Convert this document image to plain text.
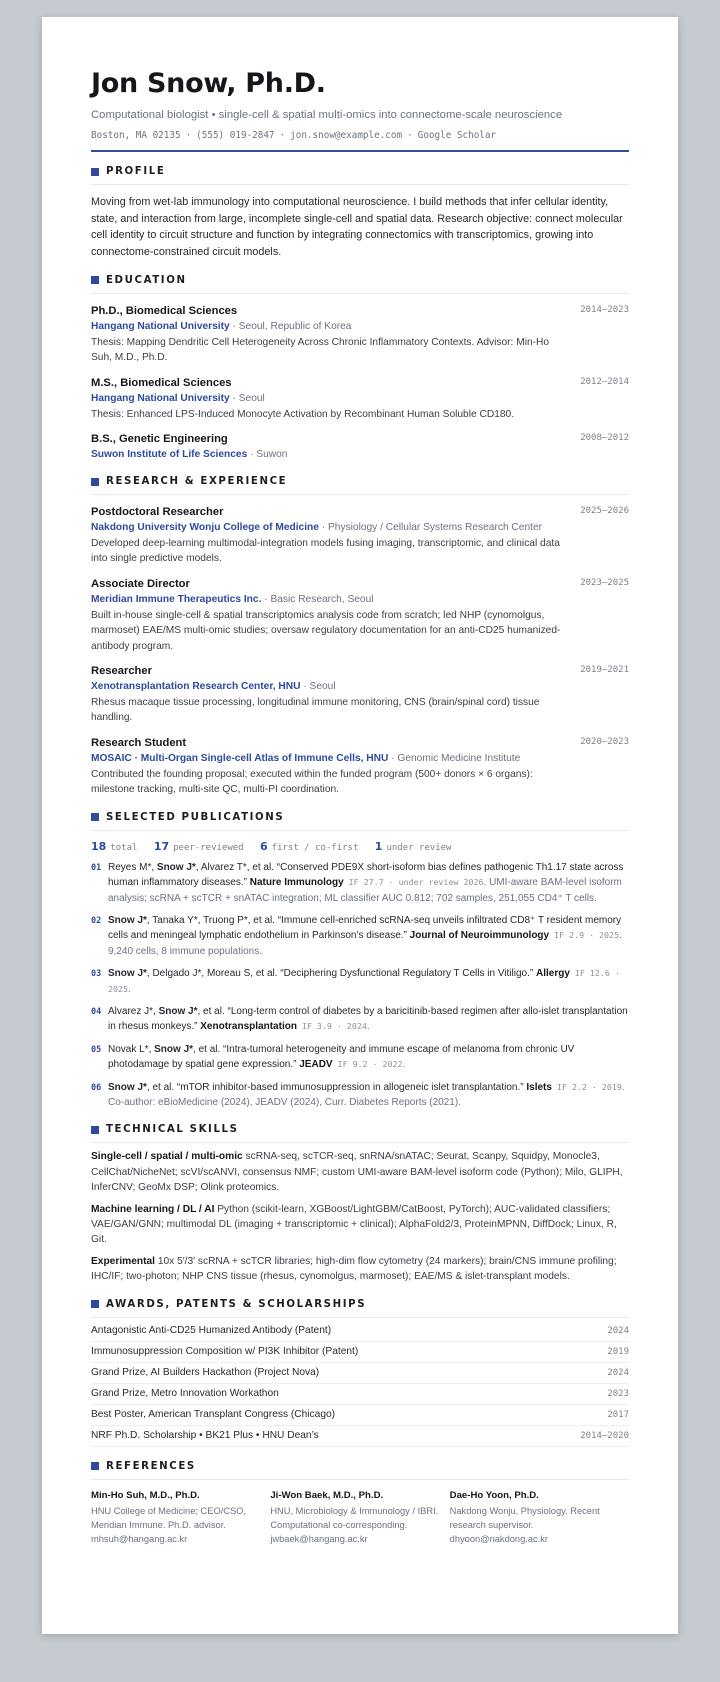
Jon Snow, Ph.D.
Computational biologist • single-cell & spatial multi-omics into connectome-scale neuroscience
Boston, MA 02135 · (555) 019-2847 · jon.snow@example.com · Google Scholar
PROFILE
Moving from wet-lab immunology into computational neuroscience. I build methods that infer cellular identity, state, and interaction from large, incomplete single-cell and spatial data. Research objective: connect molecular cell identity to circuit structure and function by integrating connectomics with transcriptomics, growing into connectome-constrained circuit models.
EDUCATION
Ph.D., Biomedical Sciences	2014–2023
Hangang National University · Seoul, Republic of Korea
Thesis: Mapping Dendritic Cell Heterogeneity Across Chronic Inflammatory Contexts. Advisor: Min-Ho Suh, M.D., Ph.D.
M.S., Biomedical Sciences	2012–2014
Hangang National University · Seoul
Thesis: Enhanced LPS-Induced Monocyte Activation by Recombinant Human Soluble CD180.
B.S., Genetic Engineering	2008–2012
Suwon Institute of Life Sciences · Suwon
RESEARCH & EXPERIENCE
Postdoctoral Researcher	2025–2026
Nakdong University Wonju College of Medicine · Physiology / Cellular Systems Research Center
Developed deep-learning multimodal-integration models fusing imaging, transcriptomic, and clinical data into single predictive models.
Associate Director	2023–2025
Meridian Immune Therapeutics Inc. · Basic Research, Seoul
Built in-house single-cell & spatial transcriptomics analysis code from scratch; led NHP (cynomolgus, marmoset) EAE/MS multi-omic studies; oversaw regulatory documentation for an anti-CD25 humanized-antibody program.
Researcher	2019–2021
Xenotransplantation Research Center, HNU · Seoul
Rhesus macaque tissue processing, longitudinal immune monitoring, CNS (brain/spinal cord) tissue handling.
Research Student	2020–2023
MOSAIC · Multi-Organ Single-cell Atlas of Immune Cells, HNU · Genomic Medicine Institute
Contributed the founding proposal; executed within the funded program (500+ donors × 6 organs): milestone tracking, multi-site QC, multi-PI coordination.
SELECTED PUBLICATIONS
18 total 17 peer-reviewed 6 first / co-first 1 under review
01 Reyes M*, Snow J*, Alvarez T*, et al. “Conserved PDE9X short-isoform bias defines pathogenic Th1.17 state across human inflammatory diseases.” Nature Immunology IF 27.7 · under review 2026. UMI-aware BAM-level isoform analysis; scRNA + scTCR + snATAC integration; ML classifier AUC 0.812; 702 samples, 251,055 CD4⁺ T cells.
02 Snow J*, Tanaka Y*, Truong P*, et al. “Immune cell-enriched scRNA-seq unveils infiltrated CD8⁺ T resident memory cells and meningeal lymphatic endothelium in Parkinson’s disease.” Journal of Neuroimmunology IF 2.9 · 2025. 9,240 cells, 8 immune populations.
03 Snow J*, Delgado J*, Moreau S, et al. “Deciphering Dysfunctional Regulatory T Cells in Vitiligo.” Allergy IF 12.6 · 2025.
04 Alvarez J*, Snow J*, et al. “Long-term control of diabetes by a baricitinib-based regimen after allo-islet transplantation in rhesus monkeys.” Xenotransplantation IF 3.9 · 2024.
05 Novak L*, Snow J*, et al. “Intra-tumoral heterogeneity and immune escape of melanoma from chronic UV photodamage by spatial gene expression.” JEADV IF 9.2 · 2022.
06 Snow J*, et al. “mTOR inhibitor-based immunosuppression in allogeneic islet transplantation.” Islets IF 2.2 · 2019. Co-author: eBioMedicine (2024), JEADV (2024), Curr. Diabetes Reports (2021).
TECHNICAL SKILLS
Single-cell / spatial / multi-omic scRNA-seq, scTCR-seq, snRNA/snATAC; Seurat, Scanpy, Squidpy, Monocle3, CellChat/NicheNet; scVI/scANVI, consensus NMF; custom UMI-aware BAM-level isoform code (Python); Milo, GLIPH, InferCNV; GeoMx DSP; Olink proteomics.
Machine learning / DL / AI Python (scikit-learn, XGBoost/LightGBM/CatBoost, PyTorch); AUC-validated classifiers; VAE/GAN/GNN; multimodal DL (imaging + transcriptomic + clinical); AlphaFold2/3, ProteinMPNN, DiffDock; Linux, R, Git.
Experimental 10x 5′/3′ scRNA + scTCR libraries; high-dim flow cytometry (24 markers); brain/CNS immune profiling; IHC/IF; two-photon; NHP CNS tissue (rhesus, cynomolgus, marmoset); EAE/MS & islet-transplant models.
AWARDS, PATENTS & SCHOLARSHIPS
Antagonistic Anti-CD25 Humanized Antibody (Patent)	2024
Immunosuppression Composition w/ PI3K Inhibitor (Patent)	2019
Grand Prize, AI Builders Hackathon (Project Nova)	2024
Grand Prize, Metro Innovation Workathon	2023
Best Poster, American Transplant Congress (Chicago)	2017
NRF Ph.D. Scholarship • BK21 Plus • HNU Dean’s	2014–2020
REFERENCES
Min-Ho Suh, M.D., Ph.D.
HNU College of Medicine; CEO/CSO, Meridian Immune. Ph.D. advisor.
mhsuh@hangang.ac.kr
Ji-Won Baek, M.D., Ph.D.
HNU, Microbiology & Immunology / IBRI. Computational co-corresponding.
jwbaek@hangang.ac.kr
Dae-Ho Yoon, Ph.D.
Nakdong Wonju, Physiology. Recent research supervisor.
dhyoon@nakdong.ac.kr
